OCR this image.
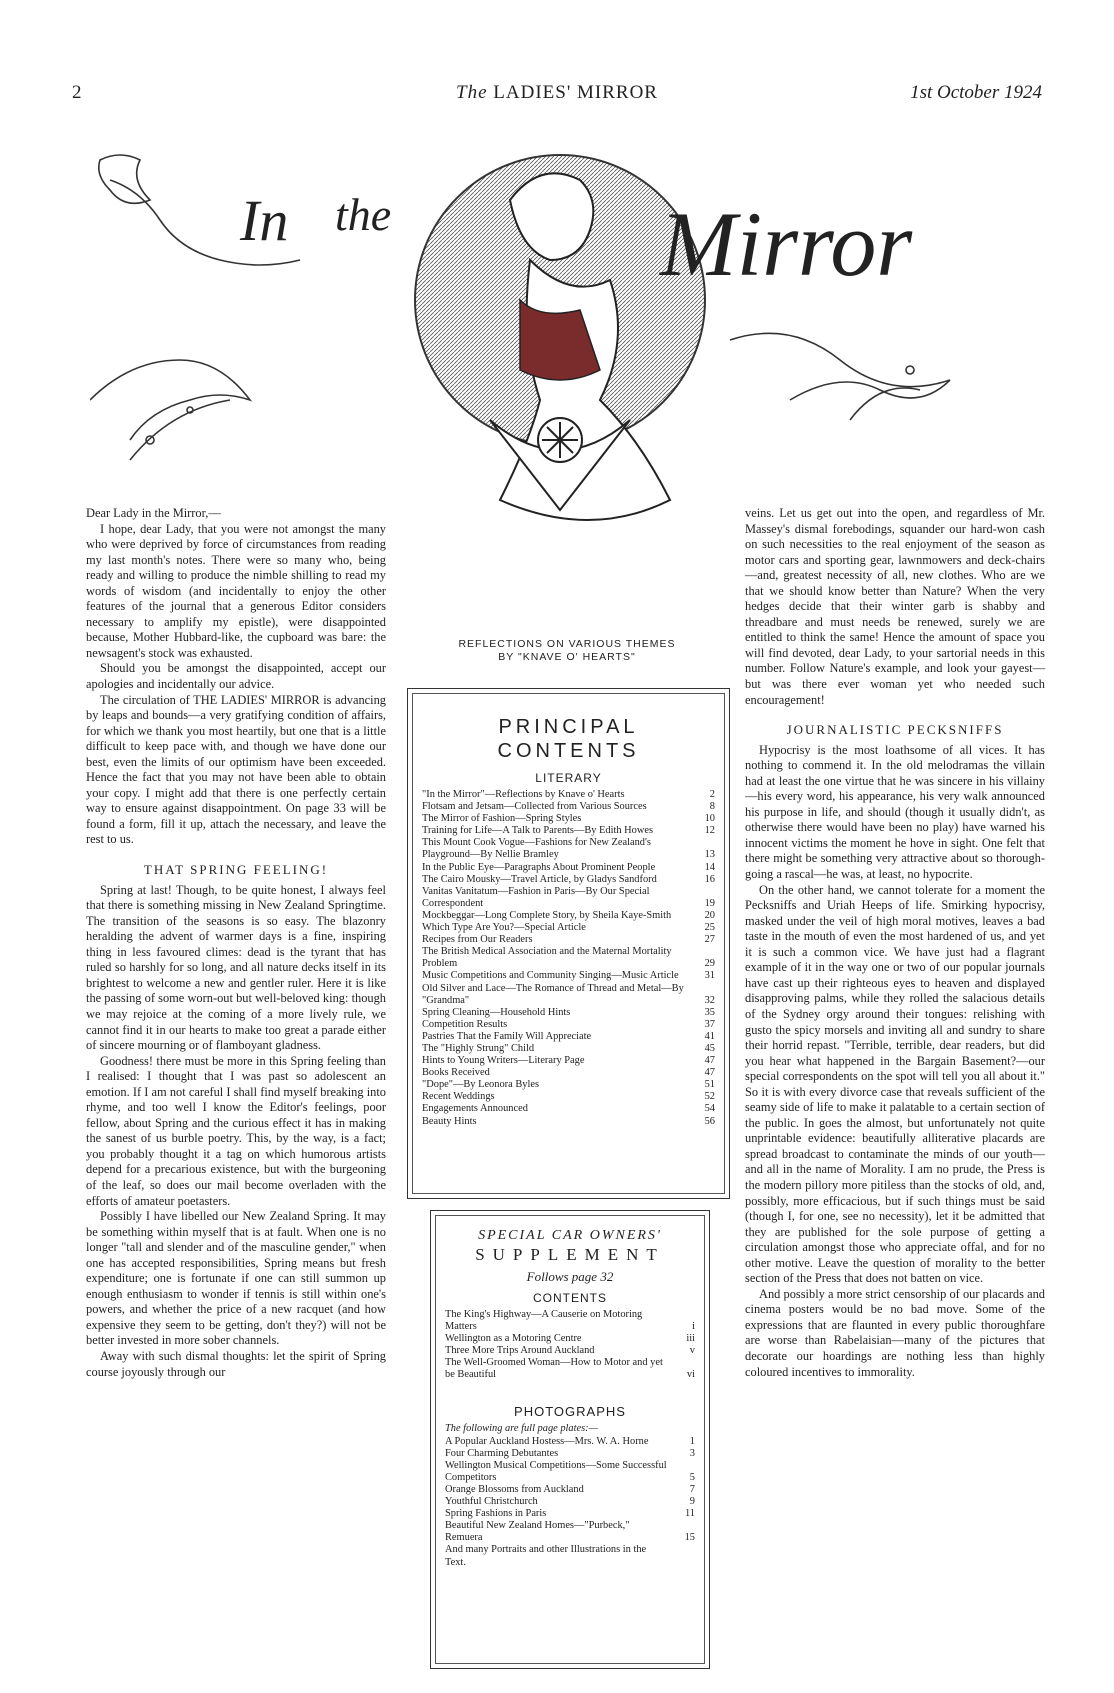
2	The LADIES' MIRROR	1st October 1924
In the	Mirror

Dear Lady in the Mirror,—

I hope, dear Lady, that you were not amongst the many who were deprived by force of circumstances from reading my last month's notes. There were so many who, being ready and willing to produce the nimble shilling to read my words of wisdom (and incidentally to enjoy the other features of the journal that a generous Editor considers necessary to amplify my epistle), were disappointed because, Mother Hubbard-like, the cupboard was bare: the newsagent's stock was exhausted.

Should you be amongst the disappointed, accept our apologies and incidentally our advice.

The circulation of THE LADIES' MIRROR is advancing by leaps and bounds—a very gratifying condition of affairs, for which we thank you most heartily, but one that is a little difficult to keep pace with, and though we have done our best, even the limits of our optimism have been exceeded. Hence the fact that you may not have been able to obtain your copy. I might add that there is one perfectly certain way to ensure against disappointment. On page 33 will be found a form, fill it up, attach the necessary, and leave the rest to us.

THAT SPRING FEELING!

Spring at last! Though, to be quite honest, I always feel that there is something missing in New Zealand Springtime. The transition of the seasons is so easy. The blazonry heralding the advent of warmer days is a fine, inspiring thing in less favoured climes: dead is the tyrant that has ruled so harshly for so long, and all nature decks itself in its brightest to welcome a new and gentler ruler. Here it is like the passing of some worn-out but well-beloved king: though we may rejoice at the coming of a more lively rule, we cannot find it in our hearts to make too great a parade either of sincere mourning or of flamboyant gladness.

Goodness! there must be more in this Spring feeling than I realised: I thought that I was past so adolescent an emotion. If I am not careful I shall find myself breaking into rhyme, and too well I know the Editor's feelings, poor fellow, about Spring and the curious effect it has in making the sanest of us burble poetry. This, by the way, is a fact; you probably thought it a tag on which humorous artists depend for a precarious existence, but with the burgeoning of the leaf, so does our mail become overladen with the efforts of amateur poetasters.

Possibly I have libelled our New Zealand Spring. It may be something within myself that is at fault. When one is no longer "tall and slender and of the masculine gender," when one has accepted responsibilities, Spring means but fresh expenditure; one is fortunate if one can still summon up enough enthusiasm to wonder if tennis is still within one's powers, and whether the price of a new racquet (and how expensive they seem to be getting, don't they?) will not be better invested in more sober channels.

Away with such dismal thoughts: let the spirit of Spring course joyously through our

veins. Let us get out into the open, and regardless of Mr. Massey's dismal forebodings, squander our hard-won cash on such necessities to the real enjoyment of the season as motor cars and sporting gear, lawnmowers and deck-chairs—and, greatest necessity of all, new clothes. Who are we that we should know better than Nature? When the very hedges decide that their winter garb is shabby and threadbare and must needs be renewed, surely we are entitled to think the same! Hence the amount of space you will find devoted, dear Lady, to your sartorial needs in this number. Follow Nature's example, and look your gayest—but was there ever woman yet who needed such encouragement!

JOURNALISTIC PECKSNIFFS

Hypocrisy is the most loathsome of all vices. It has nothing to commend it. In the old melodramas the villain had at least the one virtue that he was sincere in his villainy—his every word, his appearance, his very walk announced his purpose in life, and should (though it usually didn't, as otherwise there would have been no play) have warned his innocent victims the moment he hove in sight. One felt that there might be something very attractive about so thorough-going a rascal—he was, at least, no hypocrite.

On the other hand, we cannot tolerate for a moment the Pecksniffs and Uriah Heeps of life. Smirking hypocrisy, masked under the veil of high moral motives, leaves a bad taste in the mouth of even the most hardened of us, and yet it is such a common vice. We have just had a flagrant example of it in the way one or two of our popular journals have cast up their righteous eyes to heaven and displayed disapproving palms, while they rolled the salacious details of the Sydney orgy around their tongues: relishing with gusto the spicy morsels and inviting all and sundry to share their horrid repast. "Terrible, terrible, dear readers, but did you hear what happened in the Bargain Basement?—our special correspondents on the spot will tell you all about it." So it is with every divorce case that reveals sufficient of the seamy side of life to make it palatable to a certain section of the public. In goes the almost, but unfortunately not quite unprintable evidence: beautifully alliterative placards are spread broadcast to contaminate the minds of our youth—and all in the name of Morality. I am no prude, the Press is the modern pillory more pitiless than the stocks of old, and, possibly, more efficacious, but if such things must be said (though I, for one, see no necessity), let it be admitted that they are published for the sole purpose of getting a circulation amongst those who appreciate offal, and for no other motive. Leave the question of morality to the better section of the Press that does not batten on vice.

And possibly a more strict censorship of our placards and cinema posters would be no bad move. Some of the expressions that are flaunted in every public thoroughfare are worse than Rabelaisian—many of the pictures that decorate our hoardings are nothing less than highly coloured incentives to immorality.

REFLECTIONS ON VARIOUS THEMES
BY "KNAVE O' HEARTS"
PRINCIPAL
CONTENTS
LITERARY
"In the Mirror"—Reflections by Knave o' Hearts	2
Flotsam and Jetsam—Collected from Various Sources	8
The Mirror of Fashion—Spring Styles	10
Training for Life—A Talk to Parents—By Edith Howes	12
This Mount Cook Vogue—Fashions for New Zealand's Playground—By Nellie Bramley	13
In the Public Eye—Paragraphs About Prominent People	14
The Cairo Mousky—Travel Article, by Gladys Sandford	16
Vanitas Vanitatum—Fashion in Paris—By Our Special Correspondent	19
Mockbeggar—Long Complete Story, by Sheila Kaye-Smith	20
Which Type Are You?—Special Article	25
Recipes from Our Readers	27
The British Medical Association and the Maternal Mortality Problem	29
Music Competitions and Community Singing—Music Article	31
Old Silver and Lace—The Romance of Thread and Metal—By "Grandma"	32
Spring Cleaning—Household Hints	35
Competition Results	37
Pastries That the Family Will Appreciate	41
The "Highly Strung" Child	45
Hints to Young Writers—Literary Page	47
Books Received	47
"Dope"—By Leonora Byles	51
Recent Weddings	52
Engagements Announced	54
Beauty Hints	56
SPECIAL CAR OWNERS'
SUPPLEMENT
Follows page 32
CONTENTS
The King's Highway—A Causerie on Motoring Matters	i
Wellington as a Motoring Centre	iii
Three More Trips Around Auckland	v
The Well-Groomed Woman—How to Motor and yet be Beautiful	vi
PHOTOGRAPHS
The following are full page plates:—
A Popular Auckland Hostess—Mrs. W. A. Horne	1
Four Charming Debutantes	3
Wellington Musical Competitions—Some Successful Competitors	5
Orange Blossoms from Auckland	7
Youthful Christchurch	9
Spring Fashions in Paris	11
Beautiful New Zealand Homes—"Purbeck," Remuera	15
And many Portraits and other Illustrations in the Text.
